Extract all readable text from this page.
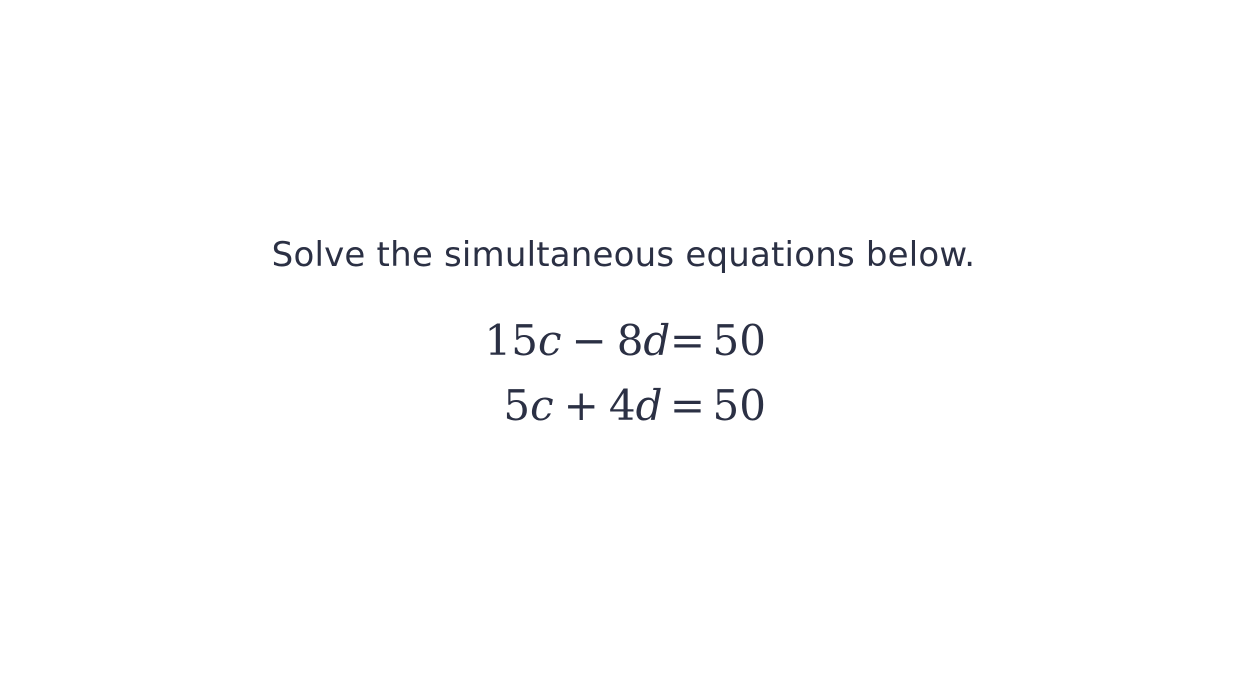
Solve the simultaneous equations below.

15c − 8d = 50
5c + 4d = 50
